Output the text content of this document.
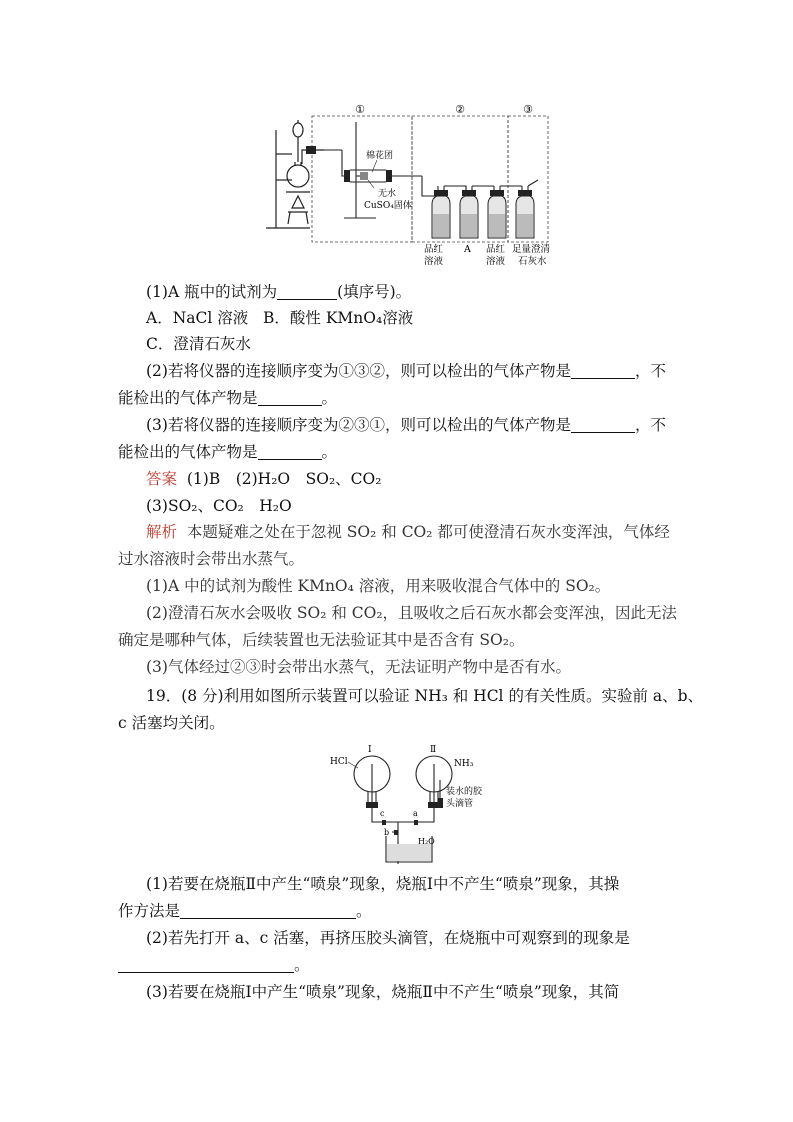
①	②	③
棉花团
无水
CuSO₄固体
品红
溶液
A 品红
溶液
足量澄清
石灰水
(1)A 瓶中的试剂为	(填序号)。
A．NaCl 溶液 B．酸性 KMnO₄溶液
C．澄清石灰水
(2)若将仪器的连接顺序变为①③②，则可以检出的气体产物是	，不
能检出的气体产物是	。
(3)若将仪器的连接顺序变为②③①，则可以检出的气体产物是	，不
能检出的气体产物是	。
答案 (1)B　(2)H₂O　SO₂、CO₂
(3)SO₂、CO₂　H₂O
解析 本题疑难之处在于忽视 SO₂ 和 CO₂ 都可使澄清石灰水变浑浊，气体经
过水溶液时会带出水蒸气。
(1)A 中的试剂为酸性 KMnO₄ 溶液，用来吸收混合气体中的 SO₂。
(2)澄清石灰水会吸收 SO₂ 和 CO₂，且吸收之后石灰水都会变浑浊，因此无法
确定是哪种气体，后续装置也无法验证其中是否含有 SO₂。
(3)气体经过②③时会带出水蒸气，无法证明产物中是否有水。
19．(8 分)利用如图所示装置可以验证 NH₃ 和 HCl 的有关性质。实验前 a、b、
c 活塞均关闭。
HCl
Ⅰ	Ⅱ
NH₃
装水的胶
头滴管
a
b
c
H₂O
(1)若要在烧瓶Ⅱ中产生“喷泉”现象，烧瓶Ⅰ中不产生“喷泉”现象，其操
作方法是	。
(2)若先打开 a、c 活塞，再挤压胶头滴管，在烧瓶中可观察到的现象是
。
(3)若要在烧瓶Ⅰ中产生“喷泉”现象，烧瓶Ⅱ中不产生“喷泉”现象，其简
